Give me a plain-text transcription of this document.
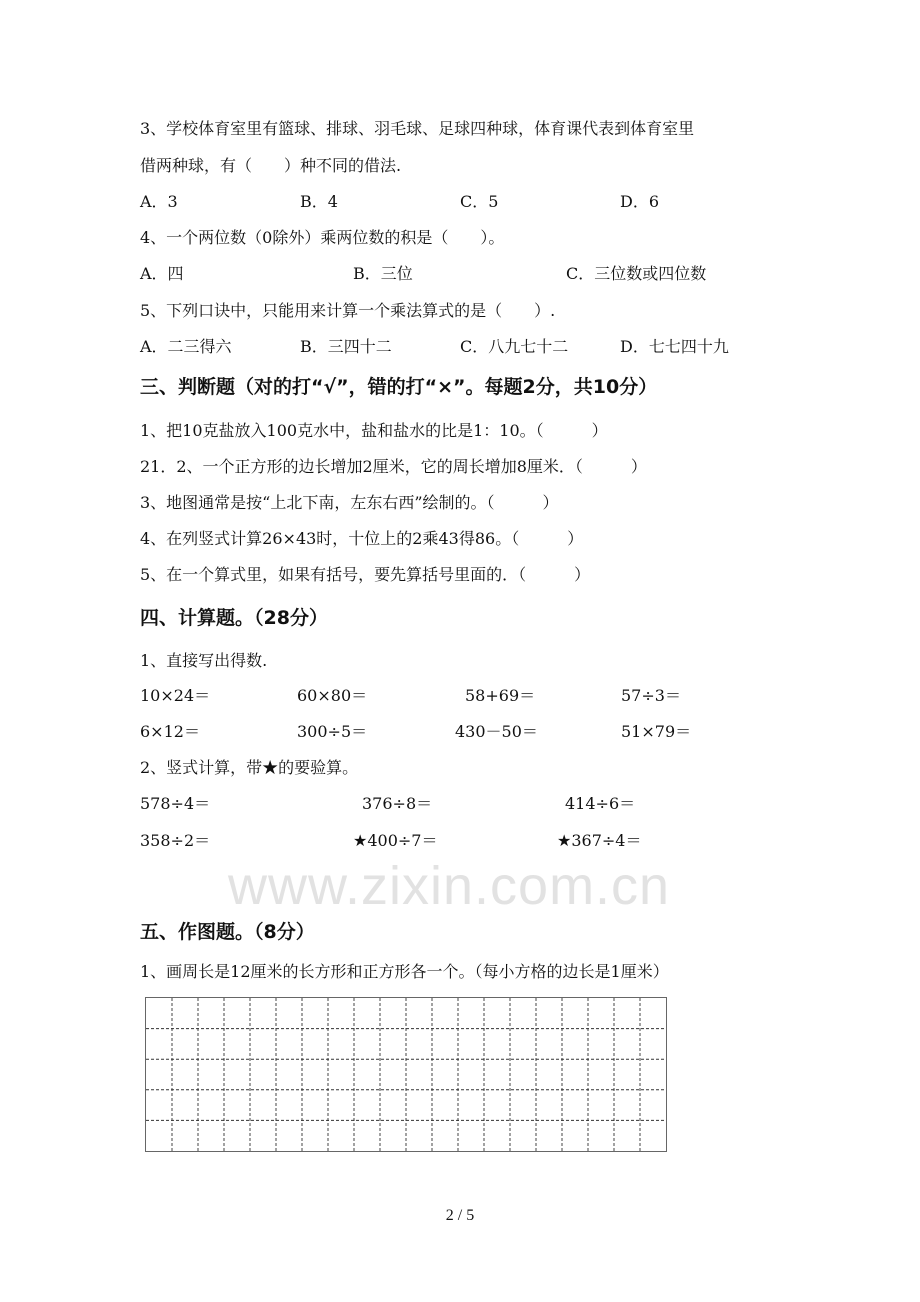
www.zixin.com.cn
3、学校体育室里有篮球、排球、羽毛球、足球四种球，体育课代表到体育室里
借两种球，有（　　）种不同的借法.
A．3	B．4	C．5	D．6
4、一个两位数（0除外）乘两位数的积是（　　）。
A．四	B．三位	C．三位数或四位数
5、下列口诀中，只能用来计算一个乘法算式的是（　　）.
A．二三得六	B．三四十二	C．八九七十二	D．七七四十九
三、判断题（对的打“√”，错的打“×”。每题2分，共10分）
1、把10克盐放入100克水中，盐和盐水的比是1：10。（　　　）
21．2、一个正方形的边长增加2厘米，它的周长增加8厘米．（　　　）
3、地图通常是按“上北下南，左东右西”绘制的。（　　　）
4、在列竖式计算26×43时，十位上的2乘43得86。（　　　）
5、在一个算式里，如果有括号，要先算括号里面的．（　　　）
四、计算题。（28分）
1、直接写出得数.
10×24＝	60×80＝	58+69＝	57÷3＝
6×12＝	300÷5＝	430－50＝	51×79＝
2、竖式计算，带★的要验算。
578÷4＝	376÷8＝	414÷6＝
358÷2＝	★400÷7＝	★367÷4＝
五、作图题。（8分）
1、画周长是12厘米的长方形和正方形各一个。（每小方格的边长是1厘米）
2 / 5
